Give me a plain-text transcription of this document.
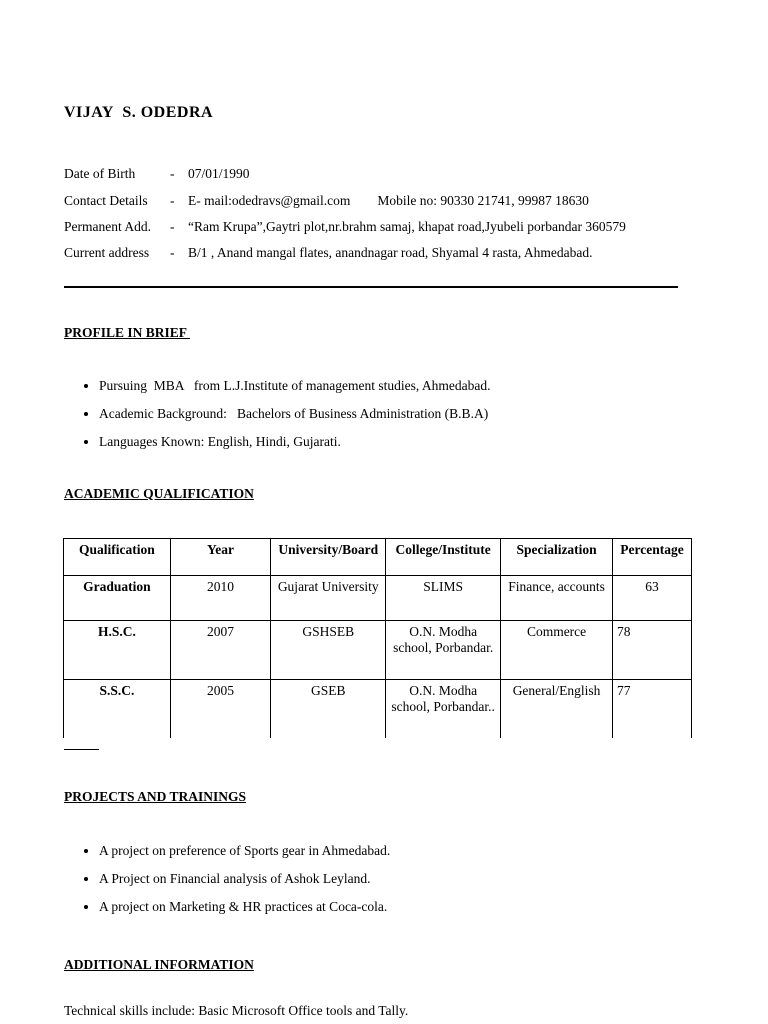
VIJAY  S. ODEDRA
Date of Birth	- 07/01/1990
Contact Details - E- mail:odedravs@gmail.com        Mobile no: 90330 21741, 99987 18630
Permanent Add. - “Ram Krupa”,Gaytri plot,nr.brahm samaj, khapat road,Jyubeli porbandar 360579
Current address - B/1 , Anand mangal flates, anandnagar road, Shyamal 4 rasta, Ahmedabad.
PROFILE IN BRIEF
• Pursuing  MBA   from L.J.Institute of management studies, Ahmedabad.
• Academic Background:   Bachelors of Business Administration (B.B.A)
• Languages Known: English, Hindi, Gujarati.
ACADEMIC QUALIFICATION
Qualification	Year	University/Board	College/Institute	Specialization	Percentage
Graduation	2010	Gujarat University	SLIMS	Finance, accounts	63
H.S.C.	2007	GSHSEB	O.N. Modha school, Porbandar.	Commerce	78
S.S.C.	2005	GSEB	O.N. Modha school, Porbandar..	General/English	77
PROJECTS AND TRAININGS
• A project on preference of Sports gear in Ahmedabad.
• A Project on Financial analysis of Ashok Leyland.
• A project on Marketing & HR practices at Coca-cola.
ADDITIONAL INFORMATION
Technical skills include: Basic Microsoft Office tools and Tally.
